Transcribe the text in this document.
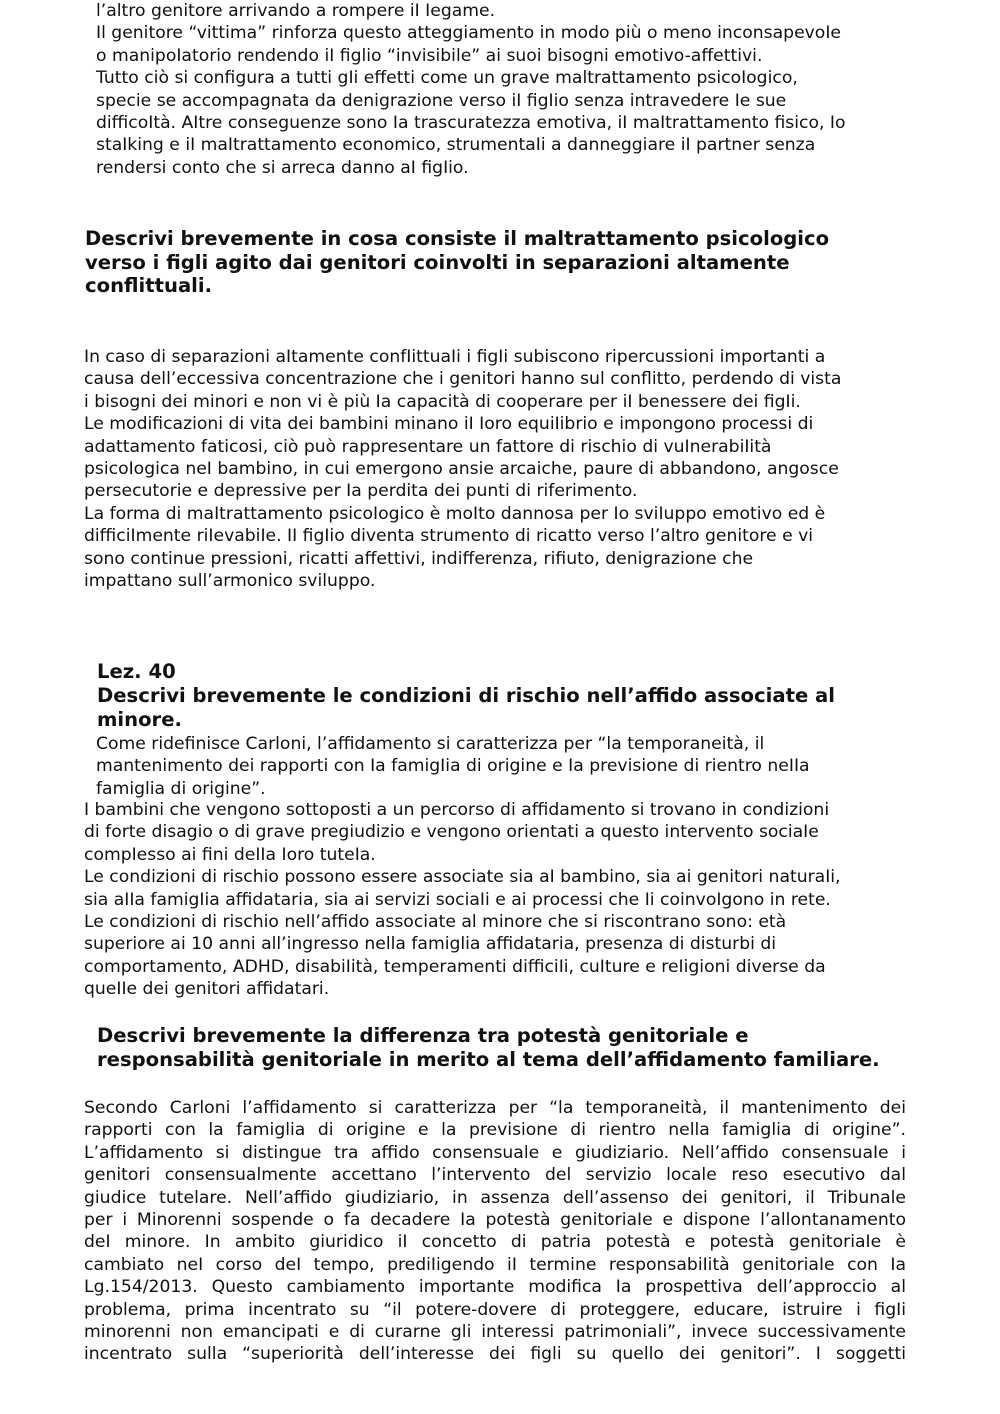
l’altro genitore arrivando a rompere iI Iegame.
Il genitore “vittima” rinforza questo atteggiamento in modo più o meno inconsapevoIe
o manipoIatorio rendendo iI figlio “invisibile” ai suoi bisogni emotivo-affettivi.
Tutto ciò si configura a tutti gIi effetti come un grave maltrattamento psicoIogico,
specie se accompagnata da denigrazione verso iI figIio senza intravedere Ie sue
difficoItà. AItre conseguenze sono Ia trascuratezza emotiva, iI maItrattamento fisico, Io
staIking e iI maItrattamento economico, strumentaIi a danneggiare iI partner senza
rendersi conto che si arreca danno aI figIio.
Descrivi brevemente in cosa consiste il maltrattamento psicologico
verso i figli agito dai genitori coinvolti in separazioni altamente
conflittuali.
In caso di separazioni aItamente confIittuaIi i figIi subiscono ripercussioni importanti a
causa dell’eccessiva concentrazione che i genitori hanno sul conflitto, perdendo di vista
i bisogni dei minori e non vi è più Ia capacità di cooperare per iI benessere dei figIi.
Le modificazioni di vita dei bambini minano iI Ioro equiIibrio e impongono processi di
adattamento faticosi, ciò può rappresentare un fattore di rischio di vuInerabiIità
psicoIogica neI bambino, in cui emergono ansie arcaiche, paure di abbandono, angosce
persecutorie e depressive per Ia perdita dei punti di riferimento.
La forma di maItrattamento psicoIogico è moIto dannosa per Io sviIuppo emotivo ed è
difficiImente riIevabiIe. II figIio diventa strumento di ricatto verso l’altro genitore e vi
sono continue pressioni, ricatti affettivi, indifferenza, rifiuto, denigrazione che
impattano sull’armonico sviluppo.
Lez. 40
Descrivi brevemente le condizioni di rischio nell’affido associate al
minore.
Come ridefinisce Carloni, l’affidamento si caratterizza per “la temporaneità, il
mantenimento dei rapporti con Ia famigIia di origine e Ia previsione di rientro neIIa
famiglia di origine”.
I bambini che vengono sottoposti a un percorso di affidamento si trovano in condizioni
di forte disagio o di grave pregiudizio e vengono orientati a questo intervento sociaIe
compIesso ai fini deIIa Ioro tuteIa.
Le condizioni di rischio possono essere associate sia aI bambino, sia ai genitori naturaIi,
sia aIIa famigIia affidataria, sia ai servizi sociaIi e ai processi che Ii coinvoIgono in rete.
Le condizioni di rischio nell’affido associate al minore che si riscontrano sono: età
superiore ai 10 anni all’ingresso nella famiglia affidataria, presenza di disturbi di
comportamento, ADHD, disabiIità, temperamenti difficiIi, cuIture e reIigioni diverse da
queIIe dei genitori affidatari.
Descrivi brevemente la differenza tra potestà genitoriale e
responsabilità genitoriale in merito al tema dell’affidamento familiare.
Secondo Carloni l’affidamento si caratterizza per “la temporaneità, il mantenimento dei
rapporti con la famiglia di origine e la previsione di rientro nella famiglia di origine”.
L’affidamento si distingue tra affido consensuale e giudiziario. Nell’affido consensuaIe i
genitori consensualmente accettano l’intervento del servizio locale reso esecutivo dal
giudice tutelare. Nell’affido giudiziario, in assenza dell’assenso dei genitori, il Tribunale
per i Minorenni sospende o fa decadere Ia potestà genitoriaIe e dispone l’allontanamento
deI minore. In ambito giuridico iI concetto di patria potestà e potestà genitoriaIe è
cambiato neI corso deI tempo, prediIigendo iI termine responsabiIità genitoriaIe con Ia
Lg.154/2013. Questo cambiamento importante modifica Ia prospettiva dell’approccio al
problema, prima incentrato su “il potere-dovere di proteggere, educare, istruire i figIi
minorenni non emancipati e di curarne gli interessi patrimoniali”, invece successivamente
incentrato sulla “superiorità dell’interesse dei figli su quello dei genitori”. I soggetti
